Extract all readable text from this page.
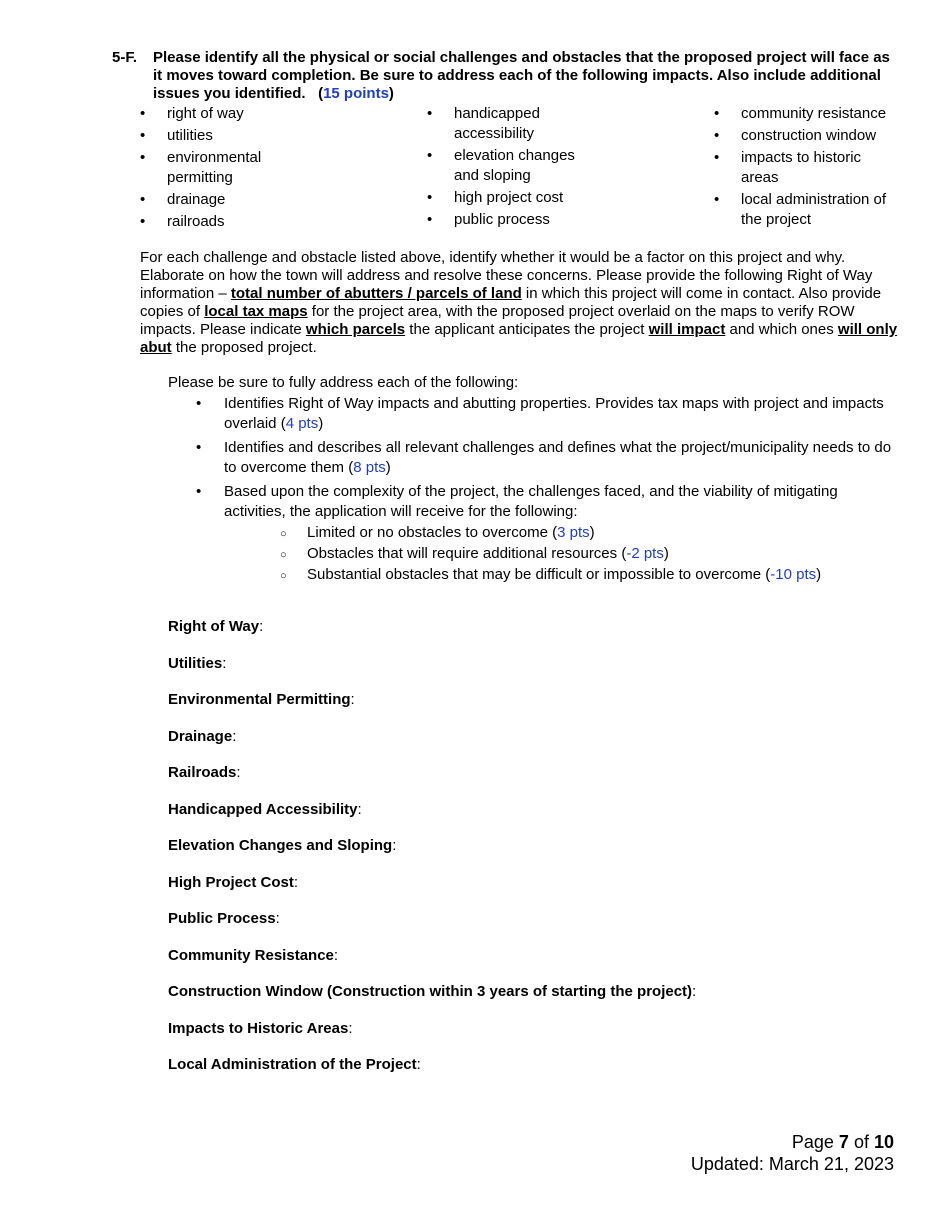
5-F. Please identify all the physical or social challenges and obstacles that the proposed project will face as it moves toward completion. Be sure to address each of the following impacts. Also include additional issues you identified. (15 points)
• right of way
• utilities
• environmental permitting
• drainage
• railroads
• handicapped accessibility
• elevation changes and sloping
• high project cost
• public process
• community resistance
• construction window
• impacts to historic areas
• local administration of the project

For each challenge and obstacle listed above, identify whether it would be a factor on this project and why. Elaborate on how the town will address and resolve these concerns. Please provide the following Right of Way information – total number of abutters / parcels of land in which this project will come in contact. Also provide copies of local tax maps for the project area, with the proposed project overlaid on the maps to verify ROW impacts. Please indicate which parcels the applicant anticipates the project will impact and which ones will only abut the proposed project.

Please be sure to fully address each of the following:

• Identifies Right of Way impacts and abutting properties. Provides tax maps with project and impacts overlaid (4 pts)
• Identifies and describes all relevant challenges and defines what the project/municipality needs to do to overcome them (8 pts)
• Based upon the complexity of the project, the challenges faced, and the viability of mitigating activities, the application will receive for the following:
○ Limited or no obstacles to overcome (3 pts)
○ Obstacles that will require additional resources (-2 pts)
○ Substantial obstacles that may be difficult or impossible to overcome (-10 pts)
Right of Way:
Utilities:
Environmental Permitting:
Drainage:
Railroads:
Handicapped Accessibility:
Elevation Changes and Sloping:
High Project Cost:
Public Process:
Community Resistance:
Construction Window (Construction within 3 years of starting the project):
Impacts to Historic Areas:
Local Administration of the Project:
Page 7 of 10
Updated: March 21, 2023
